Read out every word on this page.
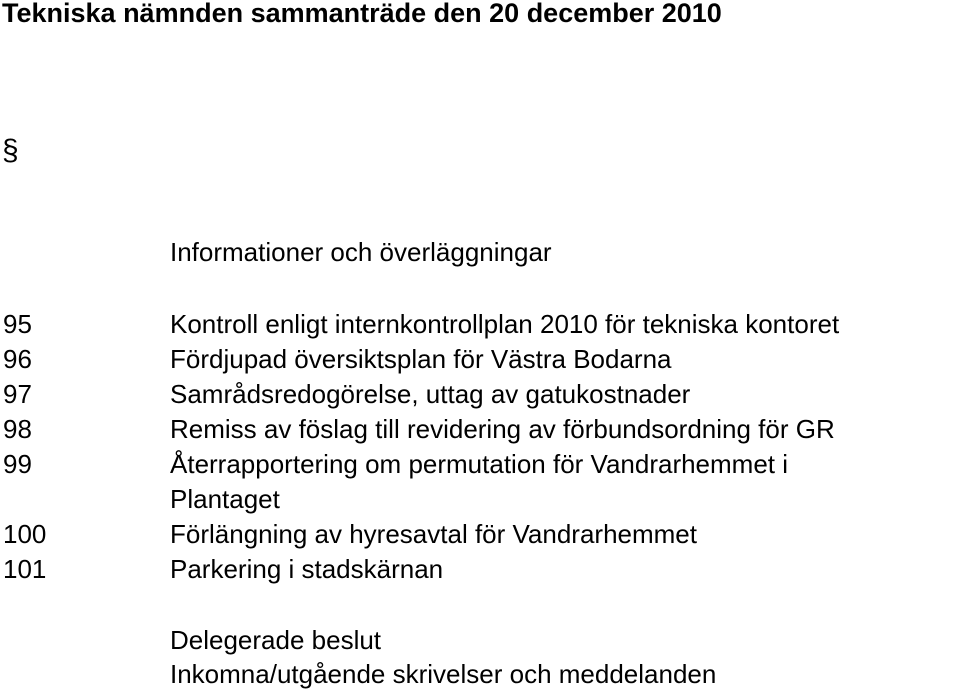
Tekniska nämnden sammanträde den 20 december 2010
§
Informationer och överläggningar
95	Kontroll enligt internkontrollplan 2010 för tekniska kontoret
96	Fördjupad översiktsplan för Västra Bodarna
97	Samrådsredogörelse, uttag av gatukostnader
98	Remiss av föslag till revidering av förbundsordning för GR
99	Återrapportering om permutation för Vandrarhemmet i Plantaget
100	Förlängning av hyresavtal för Vandrarhemmet
101	Parkering i stadskärnan
Delegerade beslut
Inkomna/utgående skrivelser och meddelanden
